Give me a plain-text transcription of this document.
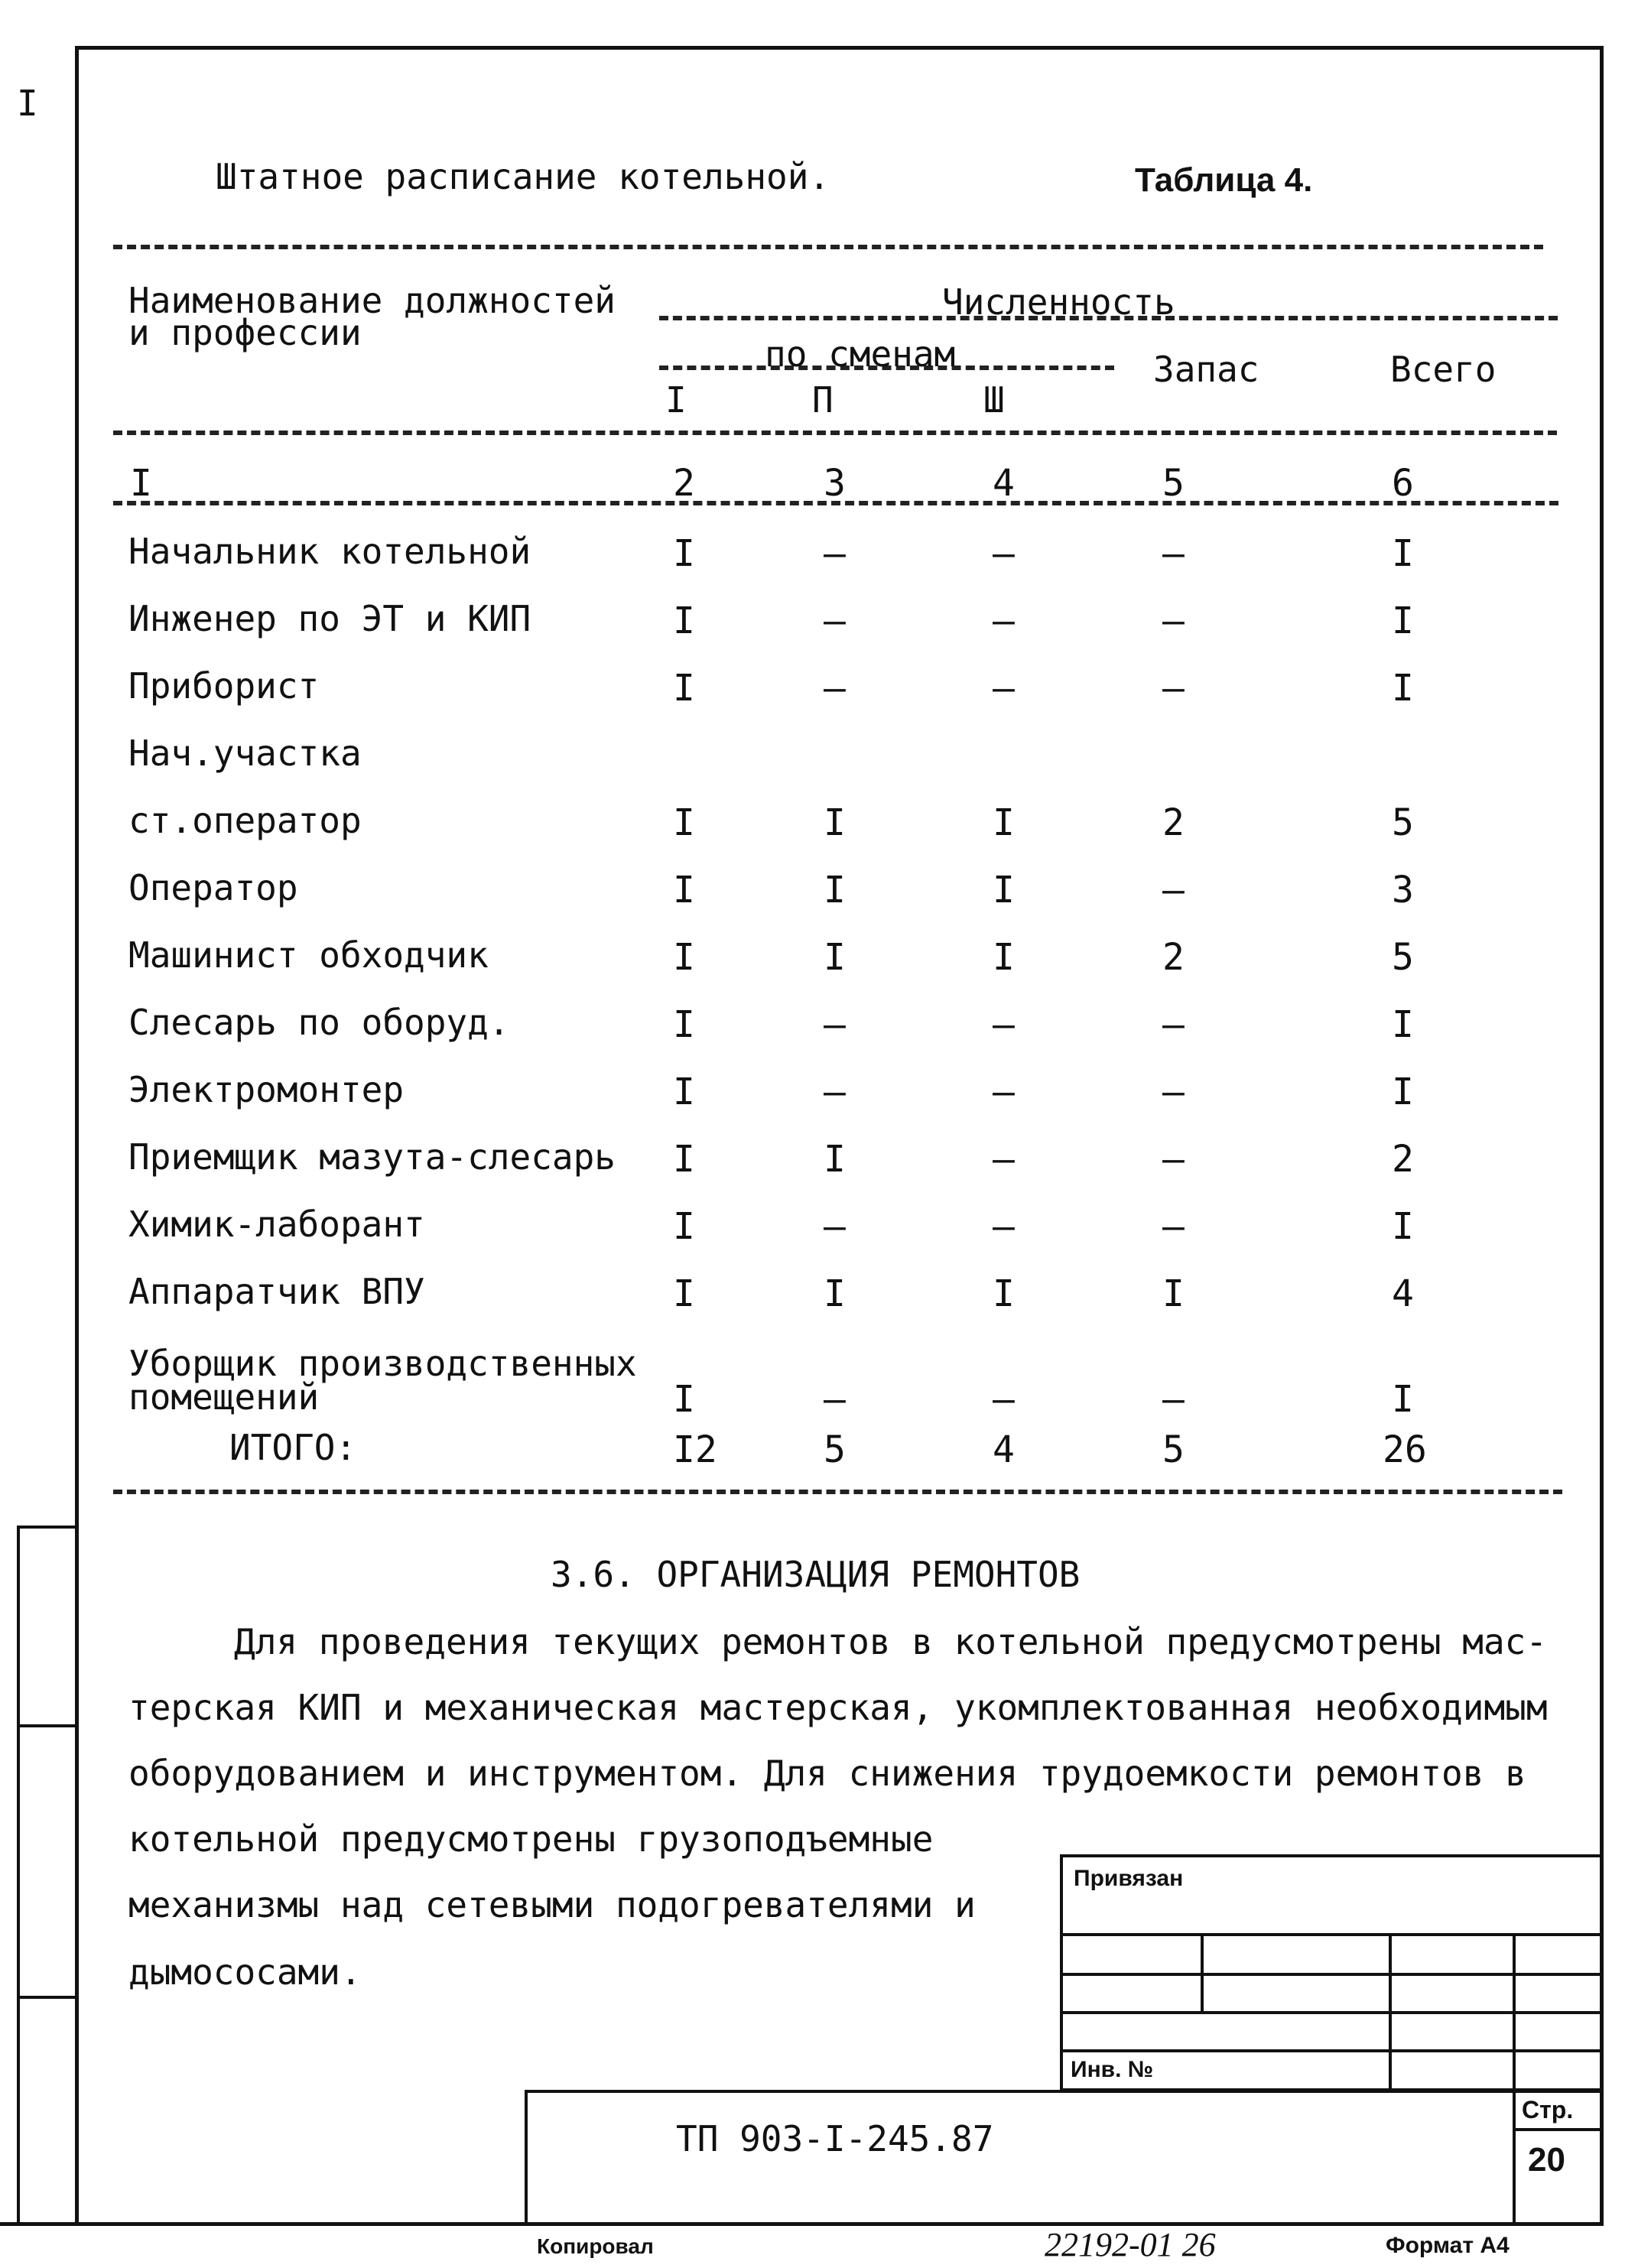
I
Штатное расписание котельной.	Таблица 4.
Наименование должностей
и профессии
Численность
по сменам
I	П	Ш
Запас	Всего
I	2	3	4	5	6
Начальник котельной	I	–	–	–	I
Инженер по ЭТ и КИП	I	–	–	–	I
Приборист	I	–	–	–	I
Нач.участка
ст.оператор	I	I	I	2	5
Оператор	I	I	I	–	3
Машинист обходчик	I	I	I	2	5
Слесарь по оборуд.	I	–	–	–	I
Электромонтер	I	–	–	–	I
Приемщик мазута-слесарь I	I	–	–	2
Химик-лаборант	I	–	–	–	I
Аппаратчик ВПУ	I	I	I	I	4
Уборщик производственных
помещений	I	–	–	–	I
ИТОГО:	I2	5	4	5	26
3.6. ОРГАНИЗАЦИЯ РЕМОНТОВ
Для проведения текущих ремонтов в котельной предусмотрены мас-
терская КИП и механическая мастерская, укомплектованная необходимым
оборудованием и инструментом. Для снижения трудоемкости ремонтов в
котельной предусмотрены грузоподъемные
механизмы над сетевыми подогревателями и
дымососами.
Привязан
Инв. №
ТП 903-I-245.87
Стр.
20
Копировал	22192-01 26	Формат А4
